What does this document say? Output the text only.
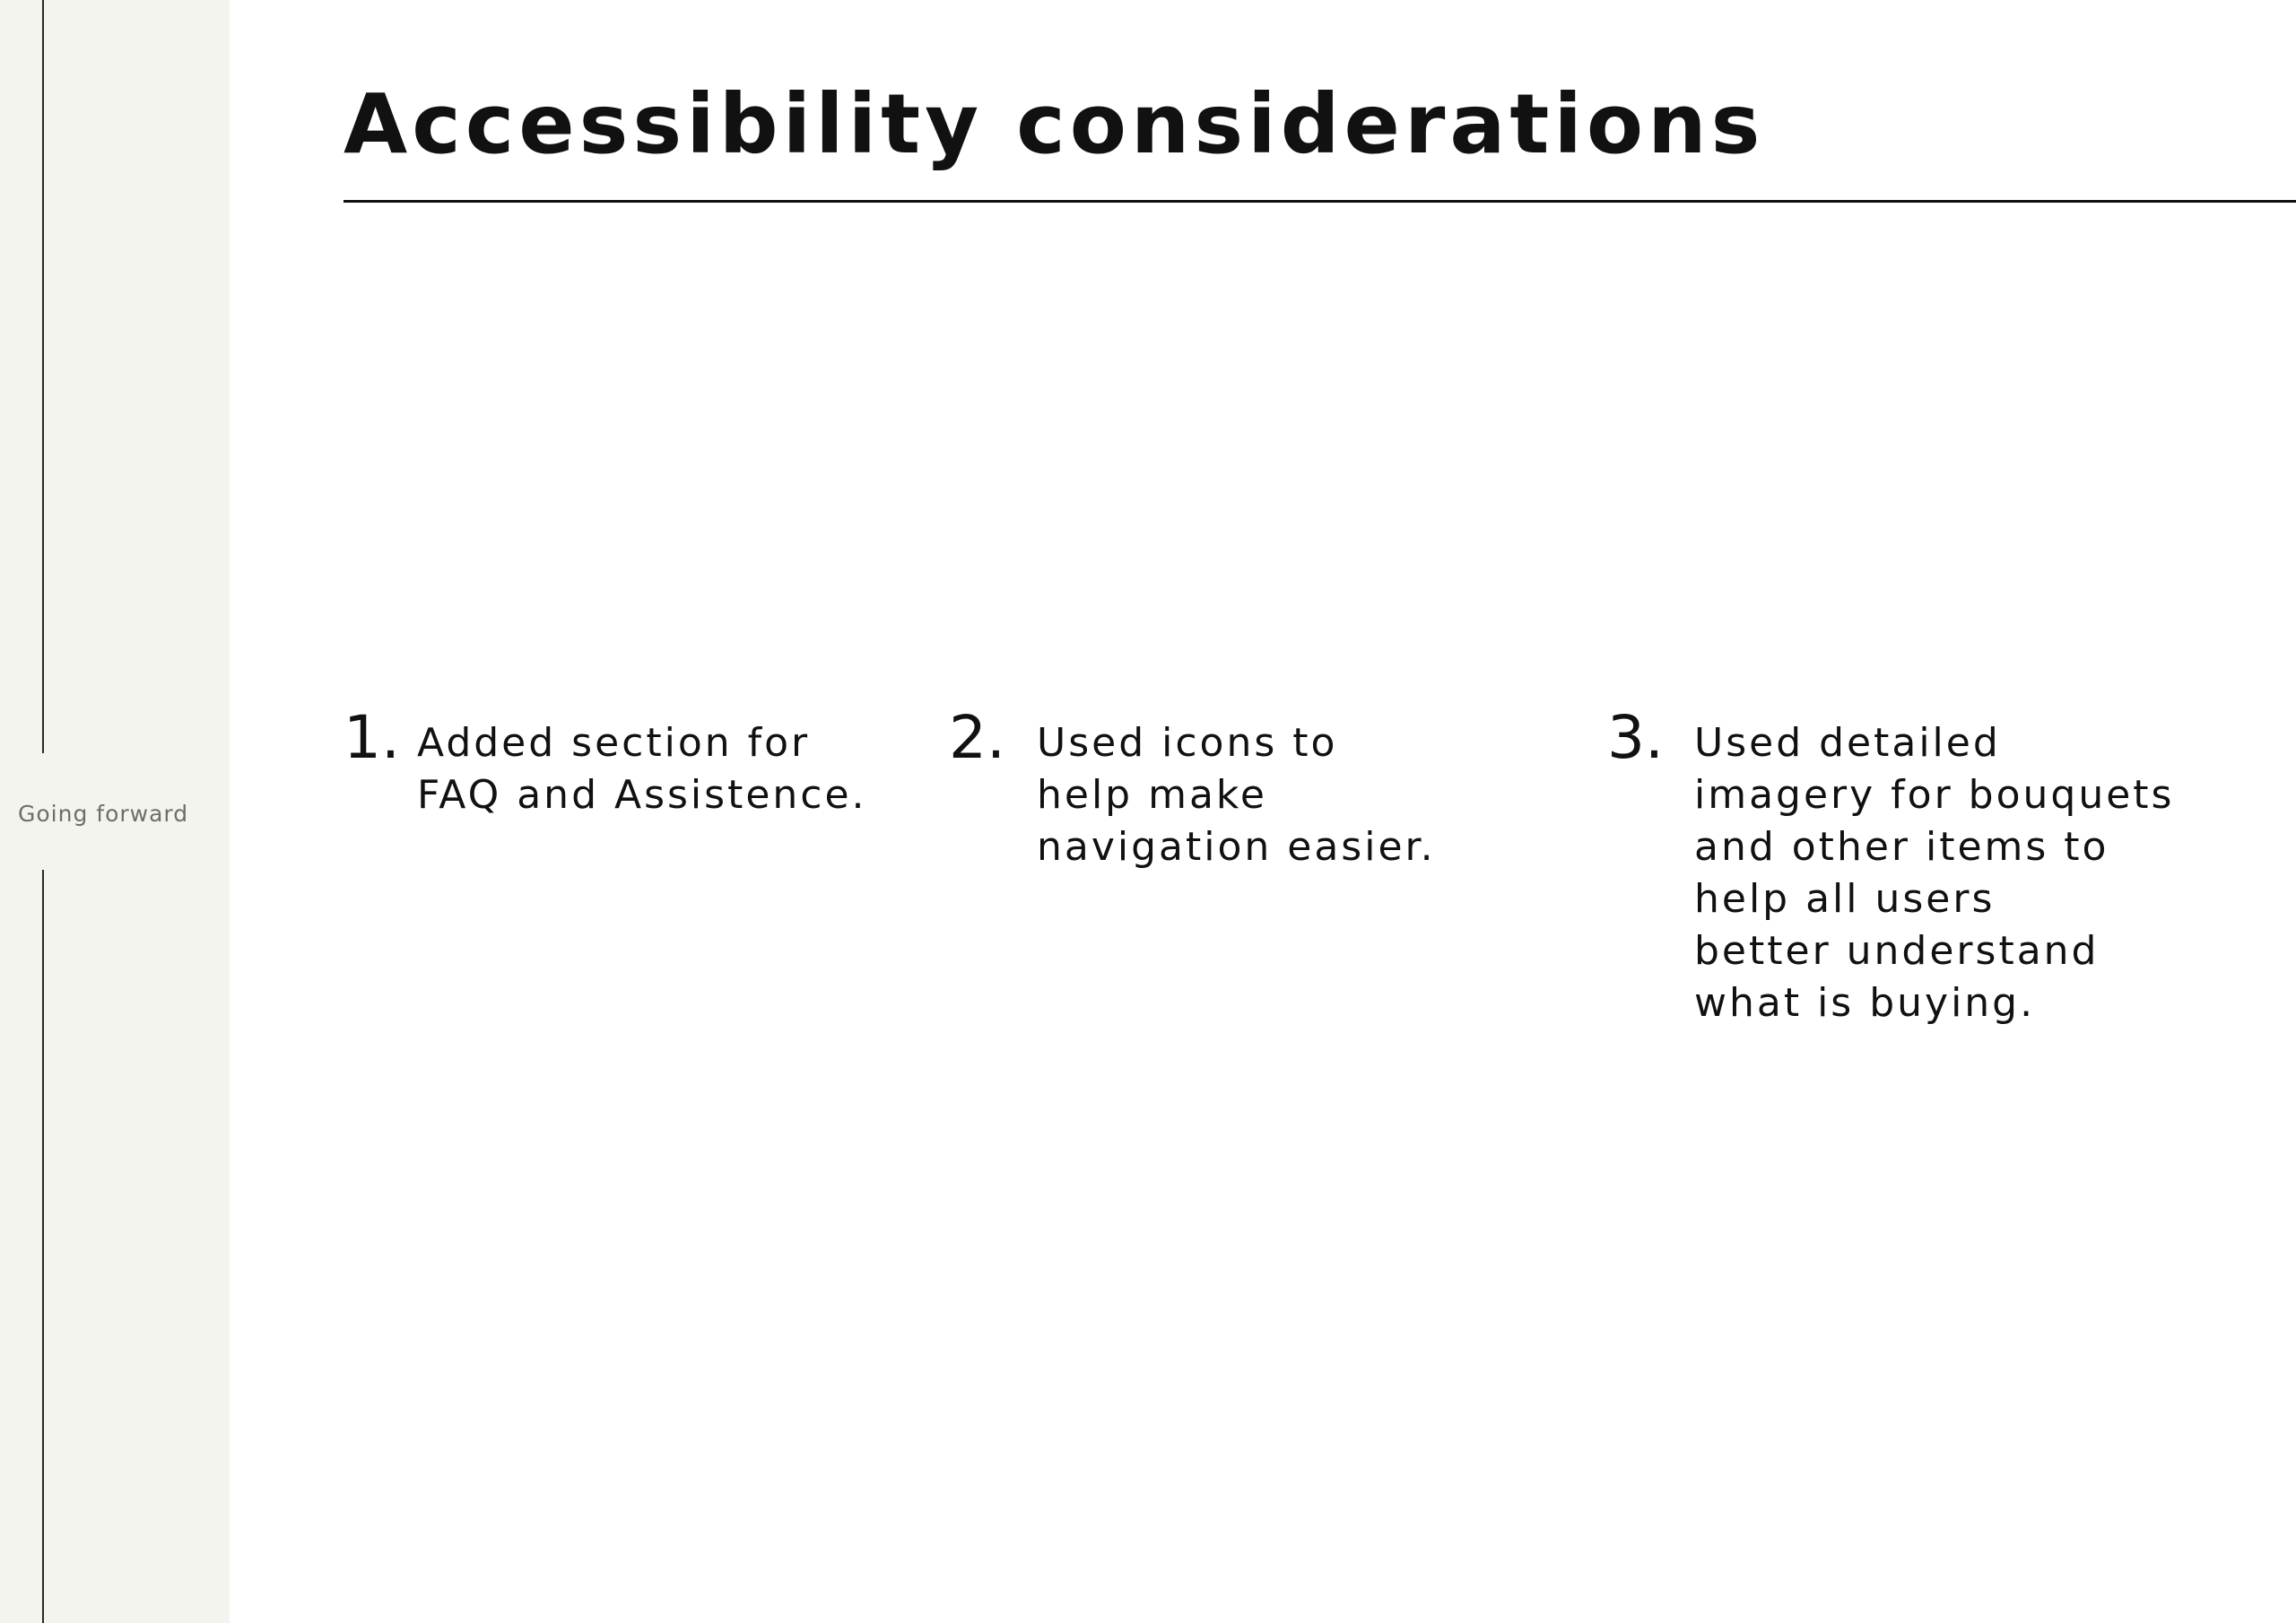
Going forward
Accessibility considerations
1. Added section for
FAQ and Assistence.
2. Used icons to
help make
navigation easier.
3. Used detailed
imagery for bouquets
and other items to
help all users
better understand
what is buying.
